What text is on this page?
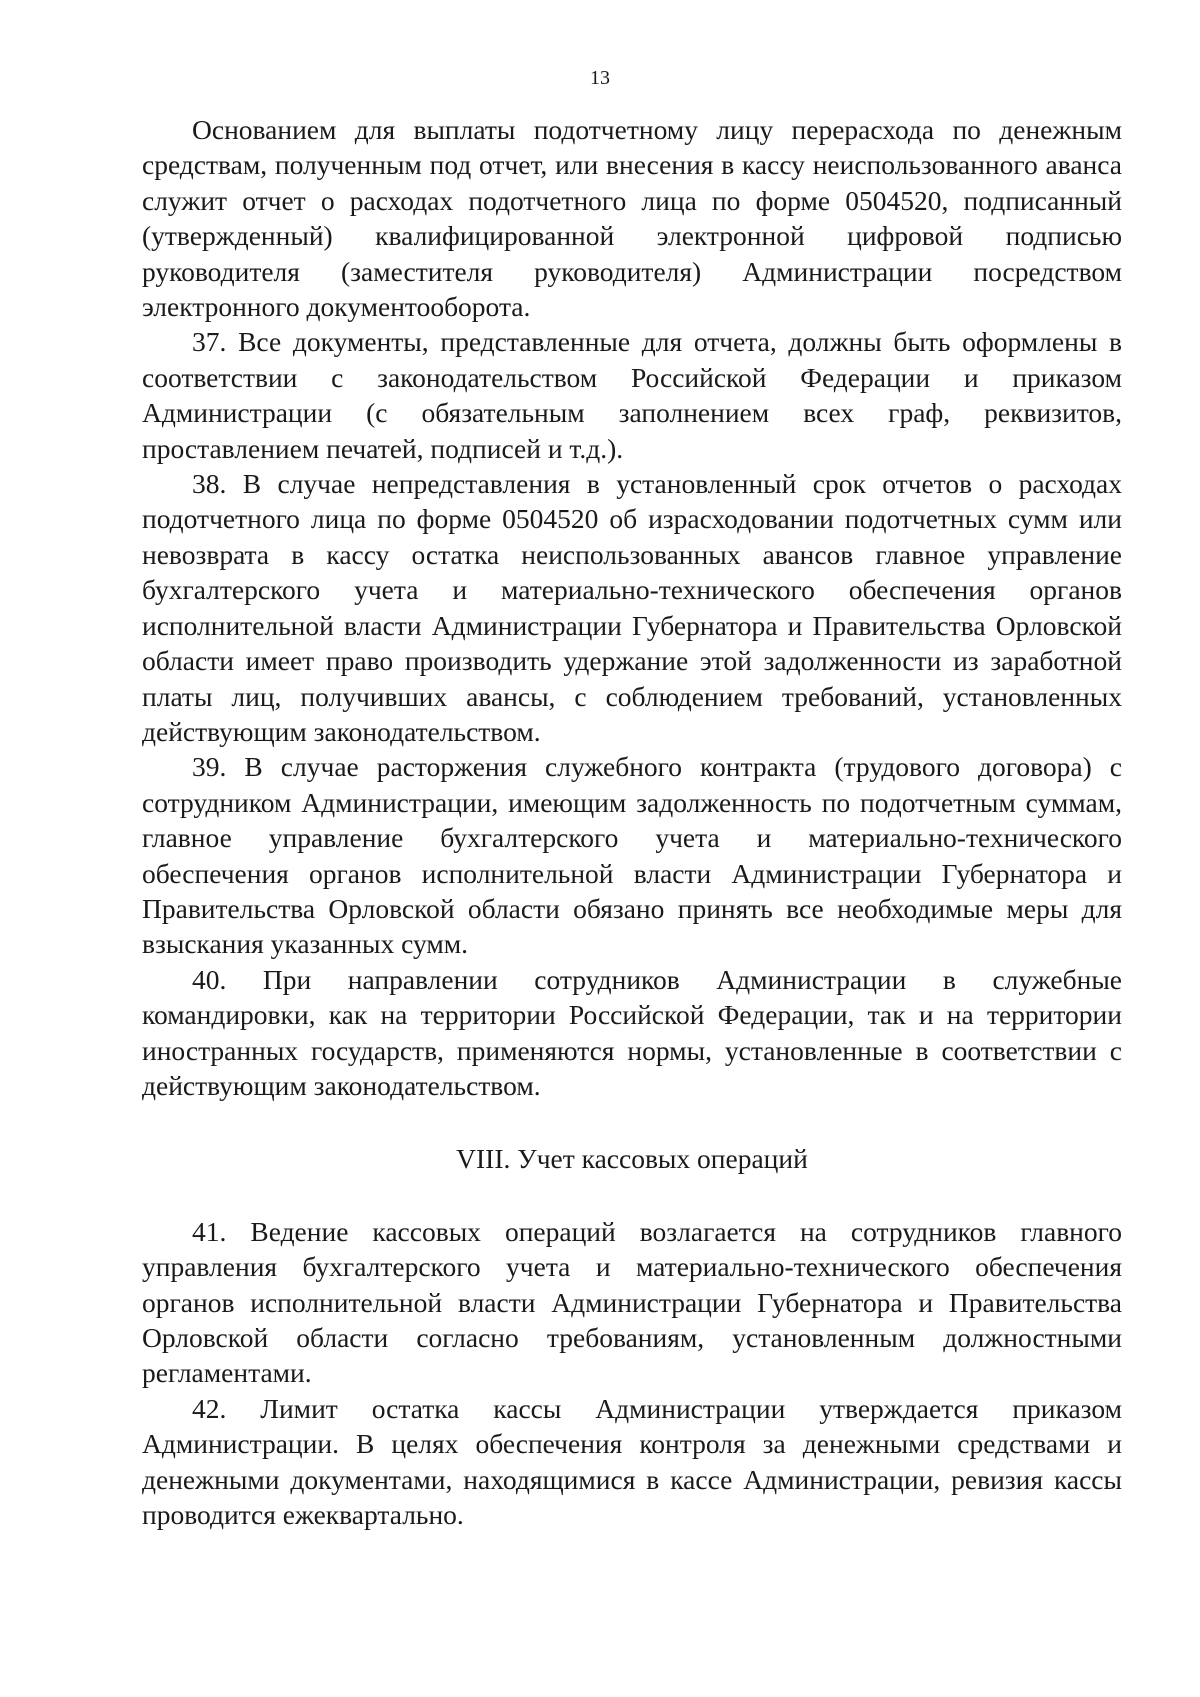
13

Основанием для выплаты подотчетному лицу перерасхода по денежным средствам, полученным под отчет, или внесения в кассу неиспользованного аванса служит отчет о расходах подотчетного лица по форме 0504520, подписанный (утвержденный) квалифицированной электронной цифровой подписью руководителя (заместителя руководителя) Администрации посредством электронного документооборота.

37. Все документы, представленные для отчета, должны быть оформлены в соответствии с законодательством Российской Федерации и приказом Администрации (с обязательным заполнением всех граф, реквизитов, проставлением печатей, подписей и т.д.).

38. В случае непредставления в установленный срок отчетов о расходах подотчетного лица по форме 0504520 об израсходовании подотчетных сумм или невозврата в кассу остатка неиспользованных авансов главное управление бухгалтерского учета и материально-технического обеспечения органов исполнительной власти Администрации Губернатора и Правительства Орловской области имеет право производить удержание этой задолженности из заработной платы лиц, получивших авансы, с соблюдением требований, установленных действующим законодательством.

39. В случае расторжения служебного контракта (трудового договора) с сотрудником Администрации, имеющим задолженность по подотчетным суммам, главное управление бухгалтерского учета и материально-технического обеспечения органов исполнительной власти Администрации Губернатора и Правительства Орловской области обязано принять все необходимые меры для взыскания указанных сумм.

40. При направлении сотрудников Администрации в служебные командировки, как на территории Российской Федерации, так и на территории иностранных государств, применяются нормы, установленные в соответствии с действующим законодательством.

VIII. Учет кассовых операций

41. Ведение кассовых операций возлагается на сотрудников главного управления бухгалтерского учета и материально-технического обеспечения органов исполнительной власти Администрации Губернатора и Правительства Орловской области согласно требованиям, установленным должностными регламентами.

42. Лимит остатка кассы Администрации утверждается приказом Администрации. В целях обеспечения контроля за денежными средствами и денежными документами, находящимися в кассе Администрации, ревизия кассы проводится ежеквартально.
